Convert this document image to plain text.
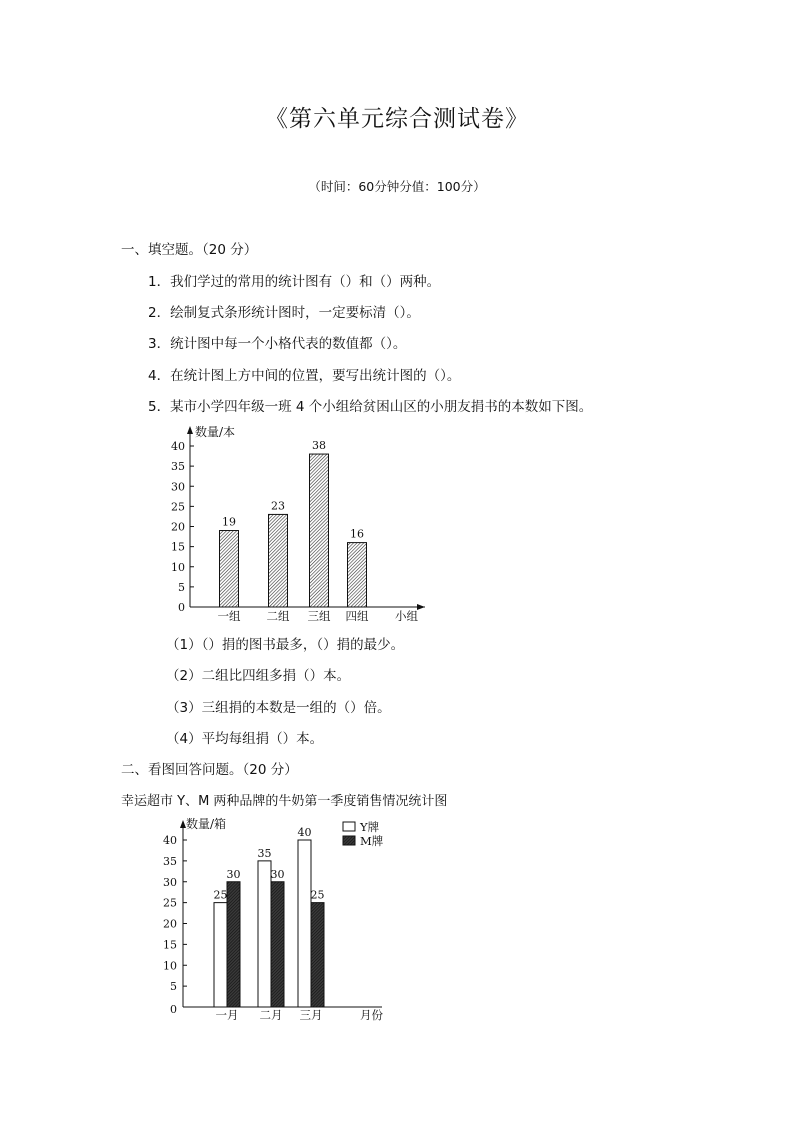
《第六单元综合测试卷》
（时间：60分钟分值：100分）
一、填空题。（20 分）
1．我们学过的常用的统计图有（）和（）两种。
2．绘制复式条形统计图时，一定要标清（）。
3．统计图中每一个小格代表的数值都（）。
4．在统计图上方中间的位置，要写出统计图的（）。
5．某市小学四年级一班 4 个小组给贫困山区的小朋友捐书的本数如下图。
数量/本
小组
0
5
10
15
20
25
30
35
40
19
一组
23
二组
38
三组
16
四组
（1）（）捐的图书最多，（）捐的最少。
（2）二组比四组多捐（）本。
（3）三组捐的本数是一组的（）倍。
（4）平均每组捐（）本。
二、看图回答问题。（20 分）
幸运超市 Y、M 两种品牌的牛奶第一季度销售情况统计图
数量/箱
月份
0
5
10
15
20
25
30
35
40
25
30
一月
35
30
二月
40
25
三月
Y牌
M牌
